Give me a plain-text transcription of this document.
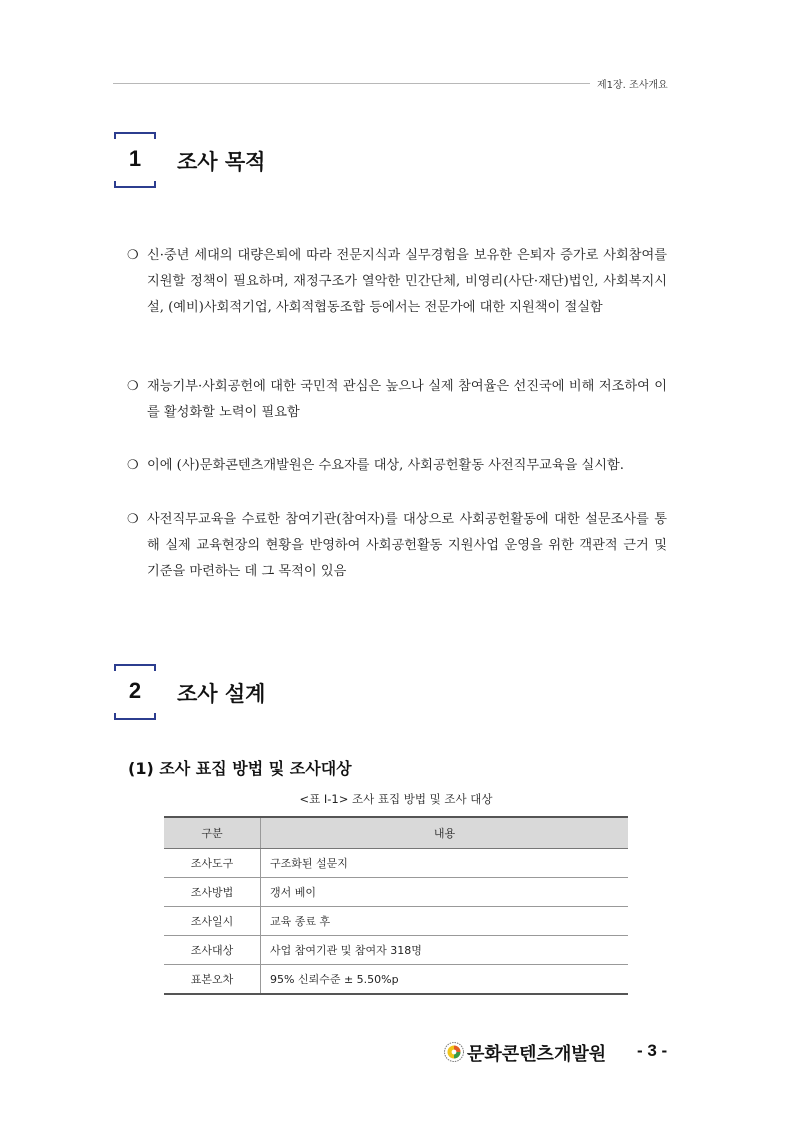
제1장. 조사개요
1	조사 목적
❍ 신·중년 세대의 대량은퇴에 따라 전문지식과 실무경험을 보유한 은퇴자 증가로 사회참여를 지원할 정책이 필요하며, 재정구조가 열악한 민간단체, 비영리(사단·재단)법인, 사회복지시설, (예비)사회적기업, 사회적협동조합 등에서는 전문가에 대한 지원책이 절실함
❍ 재능기부·사회공헌에 대한 국민적 관심은 높으나 실제 참여율은 선진국에 비해 저조하여 이를 활성화할 노력이 필요함
❍ 이에 (사)문화콘텐츠개발원은 수요자를 대상, 사회공헌활동 사전직무교육을 실시함.
❍ 사전직무교육을 수료한 참여기관(참여자)를 대상으로 사회공헌활동에 대한 설문조사를 통해 실제 교육현장의 현황을 반영하여 사회공헌활동 지원사업 운영을 위한 객관적 근거 및 기준을 마련하는 데 그 목적이 있음
2	조사 설계
(1) 조사 표집 방법 및 조사대상
<표 Ⅰ-1> 조사 표집 방법 및 조사 대상
구분	내용
조사도구	구조화된 설문지
조사방법	갱서 베이
조사일시	교육 종료 후
조사대상	사업 참여기관 및 참여자 318명
표본오차	95% 신뢰수준 ± 5.50%p
문화콘텐츠개발원 - 3 -
